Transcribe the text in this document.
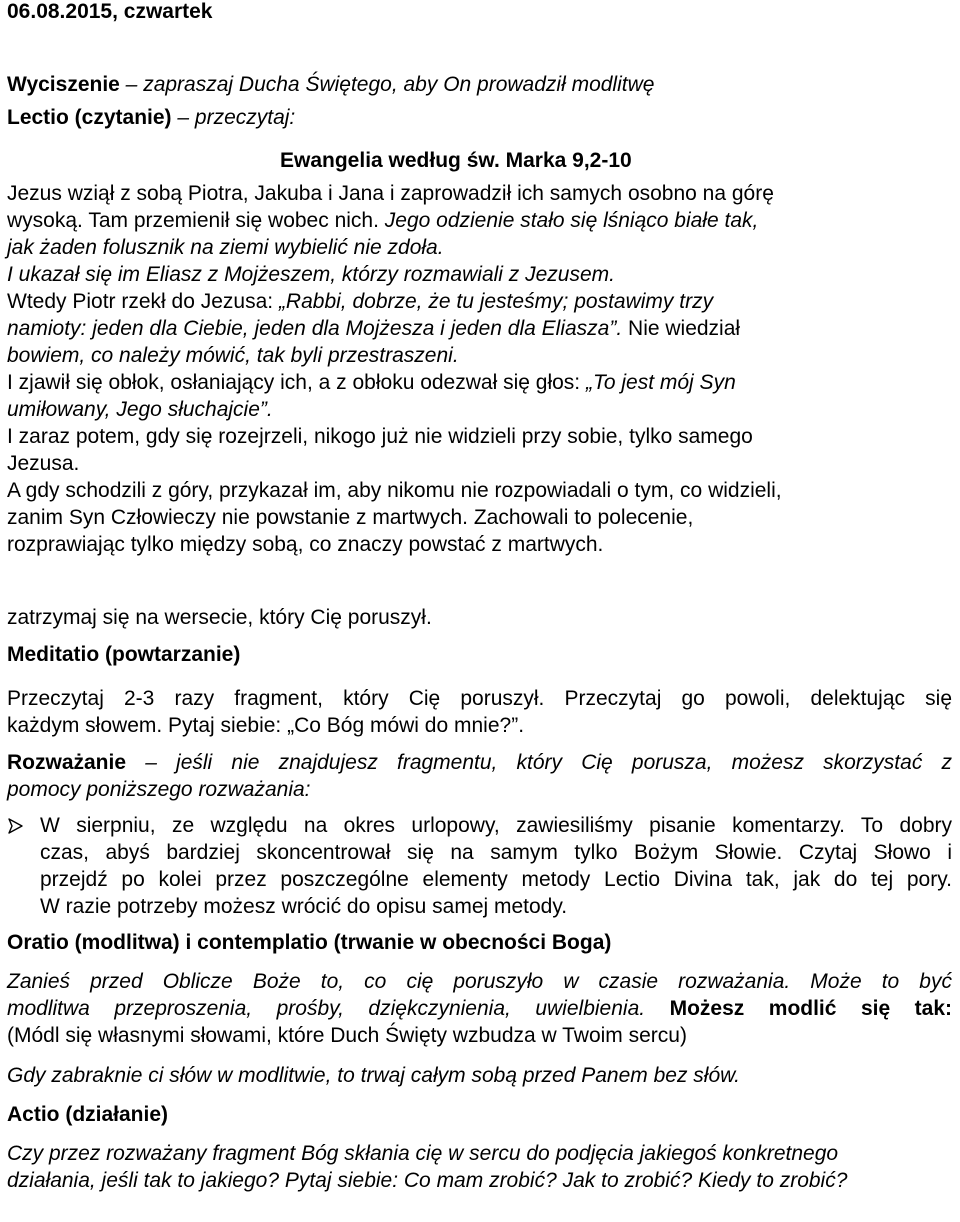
06.08.2015, czwartek
Wyciszenie – zapraszaj Ducha Świętego, aby On prowadził modlitwę
Lectio (czytanie) – przeczytaj:
Ewangelia według św. Marka 9,2-10
Jezus wziął z sobą Piotra, Jakuba i Jana i zaprowadził ich samych osobno na górę
wysoką. Tam przemienił się wobec nich. Jego odzienie stało się lśniąco białe tak,
jak żaden folusznik na ziemi wybielić nie zdoła.
I ukazał się im Eliasz z Mojżeszem, którzy rozmawiali z Jezusem.
Wtedy Piotr rzekł do Jezusa: „Rabbi, dobrze, że tu jesteśmy; postawimy trzy
namioty: jeden dla Ciebie, jeden dla Mojżesza i jeden dla Eliasza”. Nie wiedział
bowiem, co należy mówić, tak byli przestraszeni.
I zjawił się obłok, osłaniający ich, a z obłoku odezwał się głos: „To jest mój Syn
umiłowany, Jego słuchajcie”.
I zaraz potem, gdy się rozejrzeli, nikogo już nie widzieli przy sobie, tylko samego
Jezusa.
A gdy schodzili z góry, przykazał im, aby nikomu nie rozpowiadali o tym, co widzieli,
zanim Syn Człowieczy nie powstanie z martwych. Zachowali to polecenie,
rozprawiając tylko między sobą, co znaczy powstać z martwych.
zatrzymaj się na wersecie, który Cię poruszył.
Meditatio (powtarzanie)
Przeczytaj 2-3 razy fragment, który Cię poruszył. Przeczytaj go powoli, delektując się
każdym słowem. Pytaj siebie: „Co Bóg mówi do mnie?”.
Rozważanie – jeśli nie znajdujesz fragmentu, który Cię porusza, możesz skorzystać z
pomocy poniższego rozważania:
W sierpniu, ze względu na okres urlopowy, zawiesiliśmy pisanie komentarzy. To dobry
czas, abyś bardziej skoncentrował się na samym tylko Bożym Słowie. Czytaj Słowo i
przejdź po kolei przez poszczególne elementy metody Lectio Divina tak, jak do tej pory.
W razie potrzeby możesz wrócić do opisu samej metody.
Oratio (modlitwa) i contemplatio (trwanie w obecności Boga)
Zanieś przed Oblicze Boże to, co cię poruszyło w czasie rozważania. Może to być
modlitwa przeproszenia, prośby, dziękczynienia, uwielbienia. Możesz modlić się tak:
(Módl się własnymi słowami, które Duch Święty wzbudza w Twoim sercu)
Gdy zabraknie ci słów w modlitwie, to trwaj całym sobą przed Panem bez słów.
Actio (działanie)
Czy przez rozważany fragment Bóg skłania cię w sercu do podjęcia jakiegoś konkretnego
działania, jeśli tak to jakiego? Pytaj siebie: Co mam zrobić? Jak to zrobić? Kiedy to zrobić?
